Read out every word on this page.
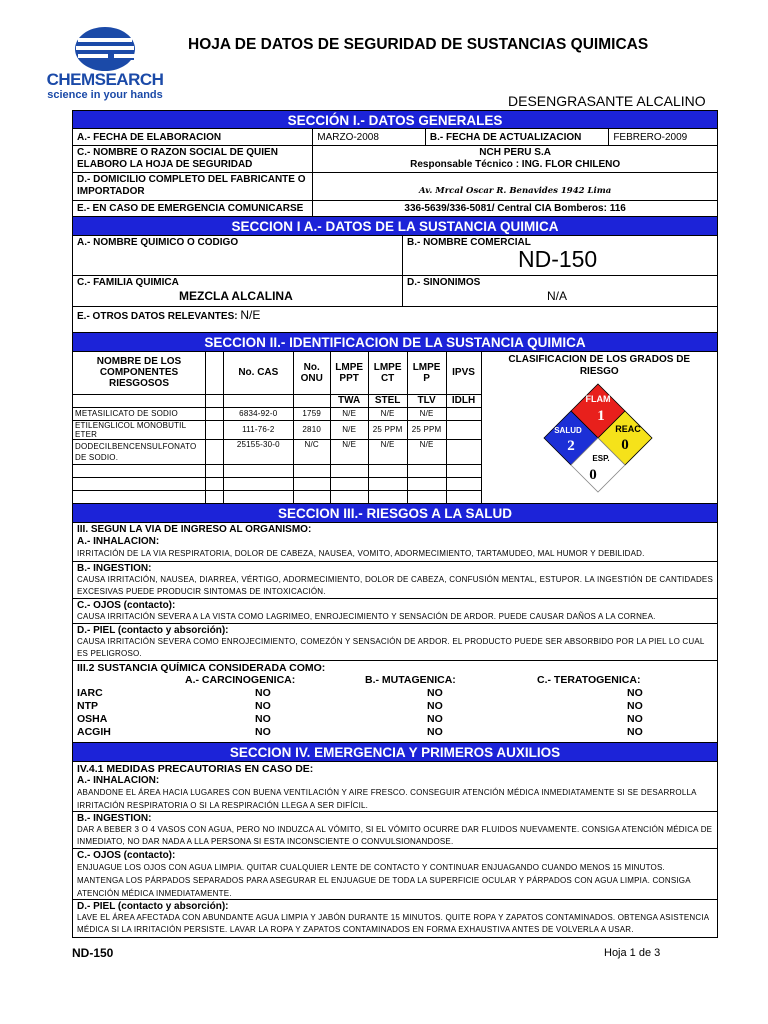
CHEMSEARCH
science in your hands
HOJA DE DATOS DE SEGURIDAD DE SUSTANCIAS QUIMICAS
DESENGRASANTE ALCALINO
SECCIÓN I.- DATOS GENERALES
A.- FECHA DE ELABORACION	MARZO-2008	B.- FECHA DE ACTUALIZACION	FEBRERO-2009
C.- NOMBRE O RAZON SOCIAL DE QUIEN ELABORO LA HOJA DE SEGURIDAD
NCH PERU S.A
Responsable Técnico : ING. FLOR CHILENO
D.- DOMICILIO COMPLETO DEL FABRICANTE O IMPORTADOR	Av. Mrcal Oscar R. Benavides 1942 Lima
E.- EN CASO DE EMERGENCIA COMUNICARSE	336-5639/336-5081/ Central CIA Bomberos: 116
SECCION I A.- DATOS DE LA SUSTANCIA QUIMICA
A.- NOMBRE QUIMICO O CODIGO	B.- NOMBRE COMERCIAL
ND-150
C.- FAMILIA QUIMICA
MEZCLA ALCALINA
D.- SINONIMOS
N/A
E.- OTROS DATOS RELEVANTES: N/E
SECCION II.- IDENTIFICACION DE LA SUSTANCIA QUIMICA
NOMBRE DE LOS COMPONENTES RIESGOSOS		No. CAS	No. ONU	LMPE PPT	LMPE CT	LMPE P	IPVS	CLASIFICACION DE LOS GRADOS DE RIESGO

				TWA	STEL	TLV	IDLH	
METASILICATO DE SODIO		6834-92-0	1759	N/E	N/E	N/E		
ETILENGLICOL MONOBUTIL ETER		111-76-2	2810	N/E	25 PPM	25 PPM		
DODECILBENCENSULFONATO DE SODIO.		25155-30-0	N/C	N/E	N/E	N/E		

FLAM
1
SALUD
2
REAC
0
ESP.
0
SECCION III.- RIESGOS A LA SALUD
III. SEGUN LA VIA DE INGRESO AL ORGANISMO:
A.- INHALACION:
IRRITACIÓN DE LA VIA RESPIRATORIA, DOLOR DE CABEZA, NAUSEA, VOMITO, ADORMECIMIENTO, TARTAMUDEO, MAL HUMOR Y DEBILIDAD.
B.- INGESTION:
CAUSA IRRITACIÓN, NAUSEA, DIARREA, VÉRTIGO, ADORMECIMIENTO, DOLOR DE CABEZA, CONFUSIÓN MENTAL, ESTUPOR. LA INGESTIÓN DE CANTIDADES EXCESIVAS PUEDE PRODUCIR SINTOMAS DE INTOXICACIÓN.
C.- OJOS (contacto):
CAUSA IRRITACIÓN SEVERA A LA VISTA COMO LAGRIMEO, ENROJECIMIENTO Y SENSACIÓN DE ARDOR. PUEDE CAUSAR DAÑOS A LA CORNEA.
D.- PIEL (contacto y absorción):
CAUSA IRRITACIÓN SEVERA COMO ENROJECIMIENTO, COMEZÓN Y SENSACIÓN DE ARDOR. EL PRODUCTO PUEDE SER ABSORBIDO POR LA PIEL LO CUAL ES PELIGROSO.
III.2 SUSTANCIA QUÍMICA CONSIDERADA COMO:
A.- CARCINOGENICA:	B.- MUTAGENICA:	C.- TERATOGENICA:
IARC	NO	NO	NO
NTP	NO	NO	NO
OSHA	NO	NO	NO
ACGIH	NO	NO	NO
SECCION IV. EMERGENCIA Y PRIMEROS AUXILIOS
IV.4.1 MEDIDAS PRECAUTORIAS EN CASO DE:
A.- INHALACION:
ABANDONE EL ÁREA HACIA LUGARES CON BUENA VENTILACIÓN Y AIRE FRESCO. CONSEGUIR ATENCIÓN MÉDICA INMEDIATAMENTE SI SE DESARROLLA IRRITACIÓN RESPIRATORIA O SI LA RESPIRACIÓN LLEGA A SER DIFÍCIL.
B.- INGESTION:
DAR A BEBER 3 O 4 VASOS CON AGUA, PERO NO INDUZCA AL VÓMITO, SI EL VÓMITO OCURRE DAR FLUIDOS NUEVAMENTE. CONSIGA ATENCIÓN MÉDICA DE INMEDIATO, NO DAR NADA A LLA PERSONA SI ESTA INCONSCIENTE O CONVULSIONANDOSE.
C.- OJOS (contacto):
ENJUAGUE LOS OJOS CON AGUA LIMPIA. QUITAR CUALQUIER LENTE DE CONTACTO Y CONTINUAR ENJUAGANDO CUANDO MENOS 15 MINUTOS. MANTENGA LOS PÁRPADOS SEPARADOS PARA ASEGURAR EL ENJUAGUE DE TODA LA SUPERFICIE OCULAR Y PÁRPADOS CON AGUA LIMPIA. CONSIGA ATENCIÓN MÉDICA INMEDIATAMENTE.
D.- PIEL (contacto y absorción):
LAVE EL ÁREA AFECTADA CON ABUNDANTE AGUA LIMPIA Y JABÓN DURANTE 15 MINUTOS. QUITE ROPA Y ZAPATOS CONTAMINADOS. OBTENGA ASISTENCIA MÉDICA SI LA IRRITACIÓN PERSISTE. LAVAR LA ROPA Y ZAPATOS CONTAMINADOS EN FORMA EXHAUSTIVA ANTES DE VOLVERLA A USAR.
ND-150	Hoja 1 de 3
